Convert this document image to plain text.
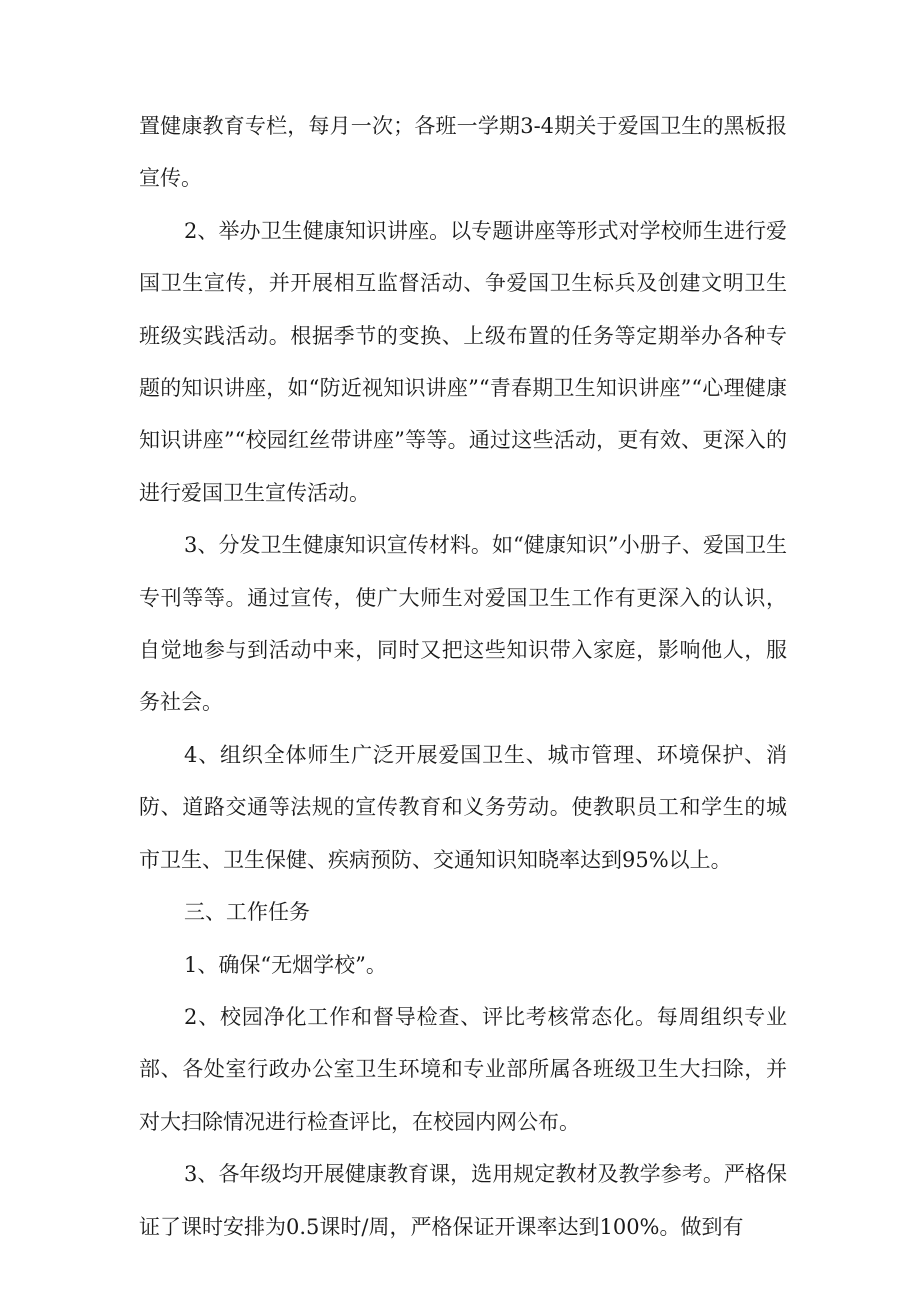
置健康教育专栏，每月一次；各班一学期3-4期关于爱国卫生的黑板报宣传。

2、举办卫生健康知识讲座。以专题讲座等形式对学校师生进行爱国卫生宣传，并开展相互监督活动、争爱国卫生标兵及创建文明卫生班级实践活动。根据季节的变换、上级布置的任务等定期举办各种专题的知识讲座，如“防近视知识讲座”“青春期卫生知识讲座”“心理健康知识讲座”“校园红丝带讲座”等等。通过这些活动，更有效、更深入的进行爱国卫生宣传活动。

3、分发卫生健康知识宣传材料。如“健康知识”小册子、爱国卫生专刊等等。通过宣传，使广大师生对爱国卫生工作有更深入的认识，自觉地参与到活动中来，同时又把这些知识带入家庭，影响他人，服务社会。

4、组织全体师生广泛开展爱国卫生、城市管理、环境保护、消防、道路交通等法规的宣传教育和义务劳动。使教职员工和学生的城市卫生、卫生保健、疾病预防、交通知识知晓率达到95%以上。

三、工作任务

1、确保“无烟学校”。

2、校园净化工作和督导检查、评比考核常态化。每周组织专业部、各处室行政办公室卫生环境和专业部所属各班级卫生大扫除，并对大扫除情况进行检查评比，在校园内网公布。

3、各年级均开展健康教育课，选用规定教材及教学参考。严格保证了课时安排为0.5课时/周，严格保证开课率达到100%。做到有
